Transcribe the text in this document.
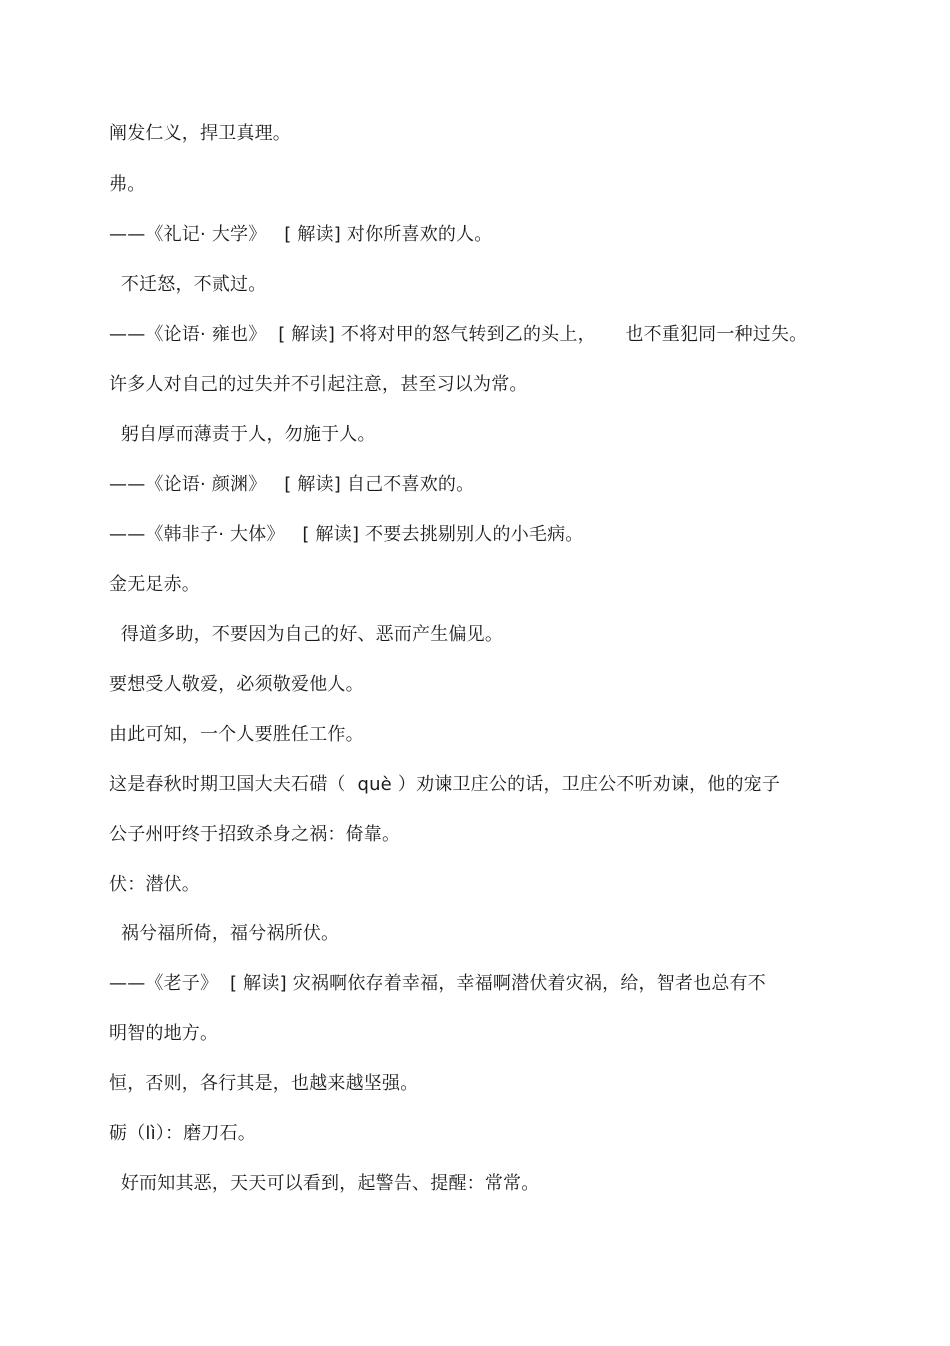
阐发仁义，捍卫真理。
弗。
——《礼记· 大学》   [ 解读] 对你所喜欢的人。
不迁怒，不贰过。
——《论语· 雍也》  [ 解读] 不将对甲的怒气转到乙的头上，     也不重犯同一种过失。
许多人对自己的过失并不引起注意，甚至习以为常。
躬自厚而薄责于人，勿施于人。
——《论语· 颜渊》   [ 解读] 自己不喜欢的。
——《韩非子· 大体》   [ 解读] 不要去挑剔别人的小毛病。
金无足赤。
得道多助，不要因为自己的好、恶而产生偏见。
要想受人敬爱，必须敬爱他人。
由此可知，一个人要胜任工作。
这是春秋时期卫国大夫石碏（  què ）劝谏卫庄公的话，卫庄公不听劝谏，他的宠子
公子州吁终于招致杀身之祸：倚靠。
伏：潜伏。
祸兮福所倚，福兮祸所伏。
——《老子》  [ 解读] 灾祸啊依存着幸福，幸福啊潜伏着灾祸，给，智者也总有不
明智的地方。
恒，否则，各行其是，也越来越坚强。
砺（lì）：磨刀石。
好而知其恶，天天可以看到，起警告、提醒：常常。
